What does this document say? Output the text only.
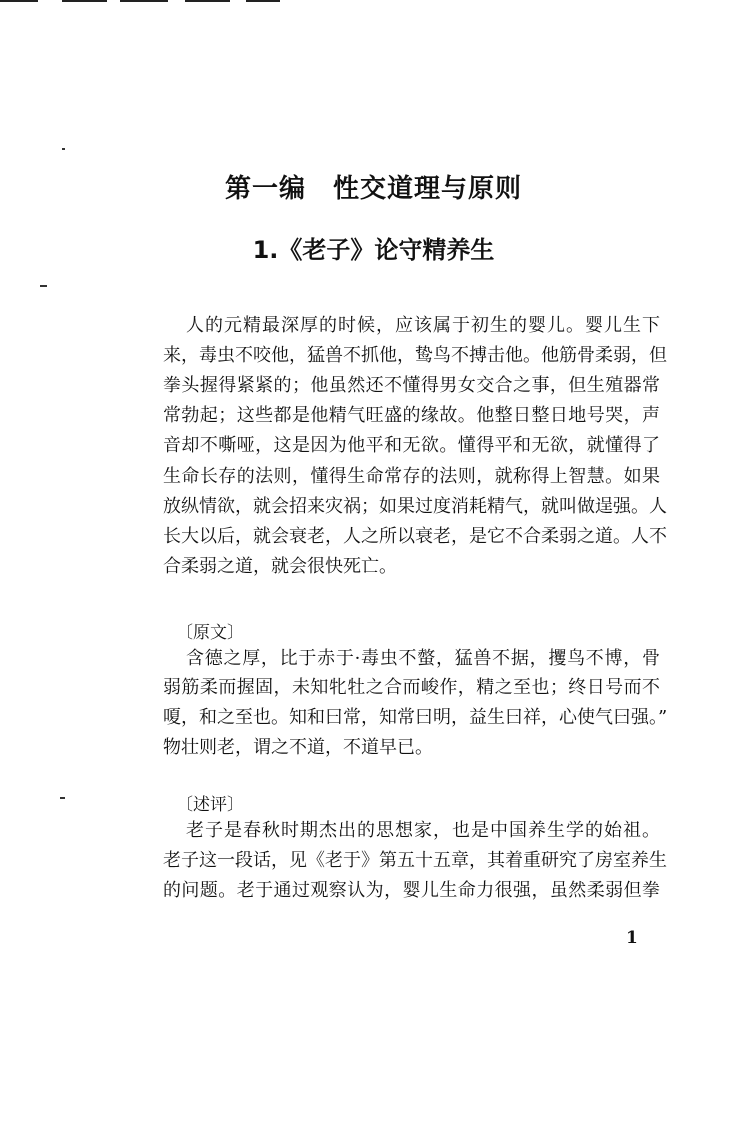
第一编　性交道理与原则
1.《老子》论守精养生
人的元精最深厚的时候，应该属于初生的婴儿。婴儿生下
来，毒虫不咬他，猛兽不抓他，鸷鸟不搏击他。他筋骨柔弱，但
拳头握得紧紧的；他虽然还不懂得男女交合之事，但生殖器常
常勃起；这些都是他精气旺盛的缘故。他整日整日地号哭，声
音却不嘶哑，这是因为他平和无欲。懂得平和无欲，就懂得了
生命长存的法则，懂得生命常存的法则，就称得上智慧。如果
放纵情欲，就会招来灾祸；如果过度消耗精气，就叫做逞强。人
长大以后，就会衰老，人之所以衰老，是它不合柔弱之道。人不
合柔弱之道，就会很快死亡。
〔原文〕
含德之厚，比于赤于·毒虫不螫，猛兽不据，攫鸟不博，骨
弱筋柔而握固，未知牝牡之合而峻作，精之至也；终日号而不
嗄，和之至也。知和曰常，知常曰明，益生曰祥，心使气曰强。”
物壮则老，谓之不道，不道早已。
〔述评〕
老子是春秋时期杰出的思想家，也是中国养生学的始祖。
老子这一段话，见《老于》第五十五章，其着重研究了房室养生
的问题。老于通过观察认为，婴儿生命力很强，虽然柔弱但拳
1
